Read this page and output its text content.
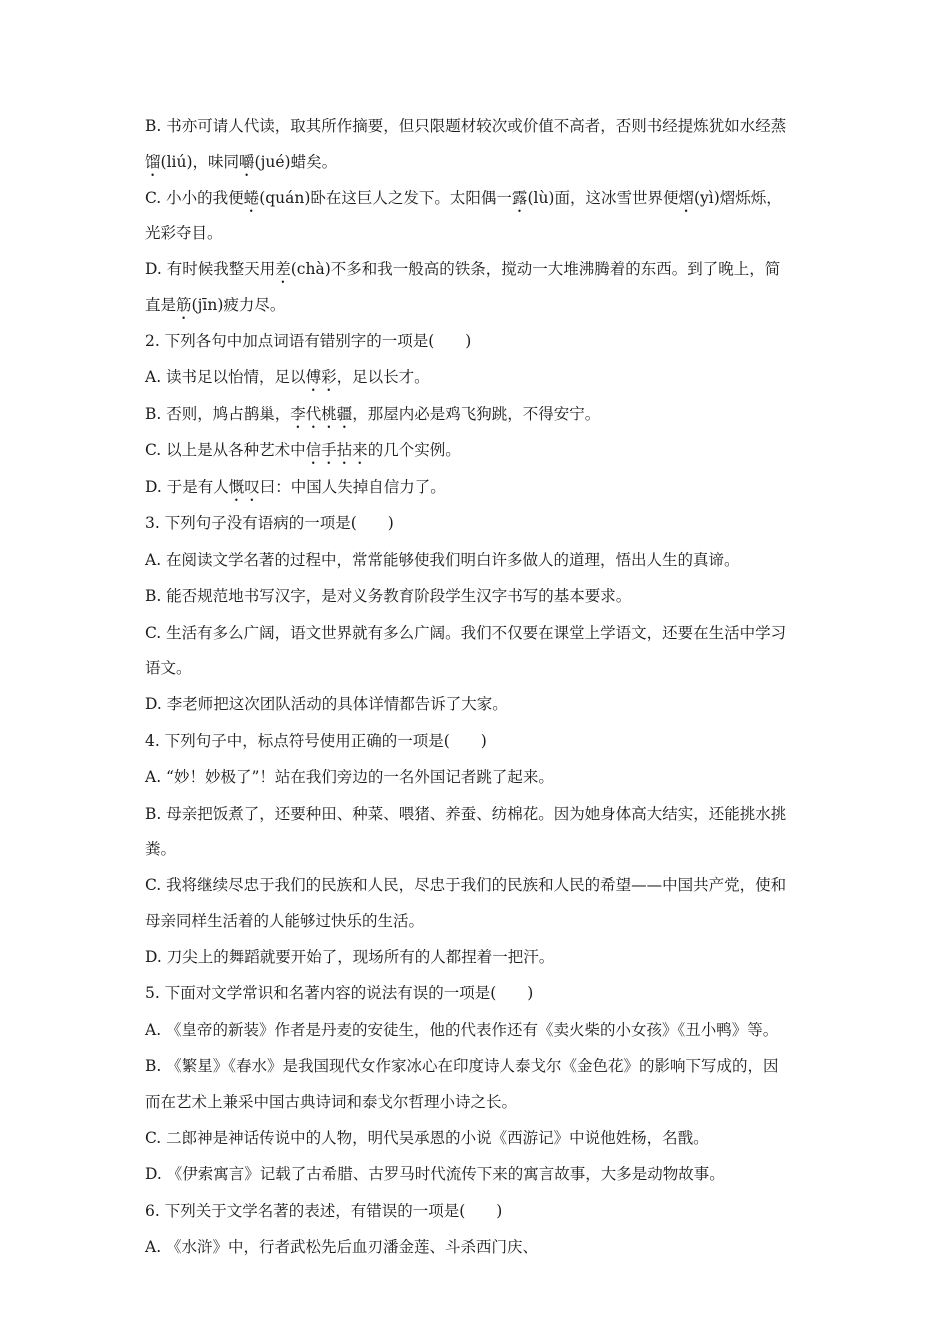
B. 书亦可请人代读，取其所作摘要，但只限题材较次或价值不高者，否则书经提炼犹如水经蒸
馏(liú)，味同嚼(jué)蜡矣。
C. 小小的我便蜷(quán)卧在这巨人之发下。太阳偶一露(lù)面，这冰雪世界便熠(yì)熠烁烁，
光彩夺目。
D. 有时候我整天用差(chà)不多和我一般高的铁条，搅动一大堆沸腾着的东西。到了晚上，简
直是筋(jīn)疲力尽。
2. 下列各句中加点词语有错别字的一项是(　　)
A. 读书足以怡情，足以傅彩，足以长才。
B. 否则，鸠占鹊巢，李代桃疆，那屋内必是鸡飞狗跳，不得安宁。
C. 以上是从各种艺术中信手拈来的几个实例。
D. 于是有人慨叹曰：中国人失掉自信力了。
3. 下列句子没有语病的一项是(　　)
A. 在阅读文学名著的过程中，常常能够使我们明白许多做人的道理，悟出人生的真谛。
B. 能否规范地书写汉字，是对义务教育阶段学生汉字书写的基本要求。
C. 生活有多么广阔，语文世界就有多么广阔。我们不仅要在课堂上学语文，还要在生活中学习
语文。
D. 李老师把这次团队活动的具体详情都告诉了大家。
4. 下列句子中，标点符号使用正确的一项是(　　)
A. “妙！妙极了”！站在我们旁边的一名外国记者跳了起来。
B. 母亲把饭煮了，还要种田、种菜、喂猪、养蚕、纺棉花。因为她身体高大结实，还能挑水挑
粪。
C. 我将继续尽忠于我们的民族和人民，尽忠于我们的民族和人民的希望——中国共产党，使和
母亲同样生活着的人能够过快乐的生活。
D. 刀尖上的舞蹈就要开始了，现场所有的人都捏着一把汗。
5. 下面对文学常识和名著内容的说法有误的一项是(　　)
A. 《皇帝的新装》作者是丹麦的安徒生，他的代表作还有《卖火柴的小女孩》《丑小鸭》等。
B. 《繁星》《春水》是我国现代女作家冰心在印度诗人泰戈尔《金色花》的影响下写成的，因
而在艺术上兼采中国古典诗词和泰戈尔哲理小诗之长。
C. 二郎神是神话传说中的人物，明代吴承恩的小说《西游记》中说他姓杨，名戬。
D. 《伊索寓言》记载了古希腊、古罗马时代流传下来的寓言故事，大多是动物故事。
6. 下列关于文学名著的表述，有错误的一项是(　　)
A. 《水浒》中，行者武松先后血刃潘金莲、斗杀西门庆、
